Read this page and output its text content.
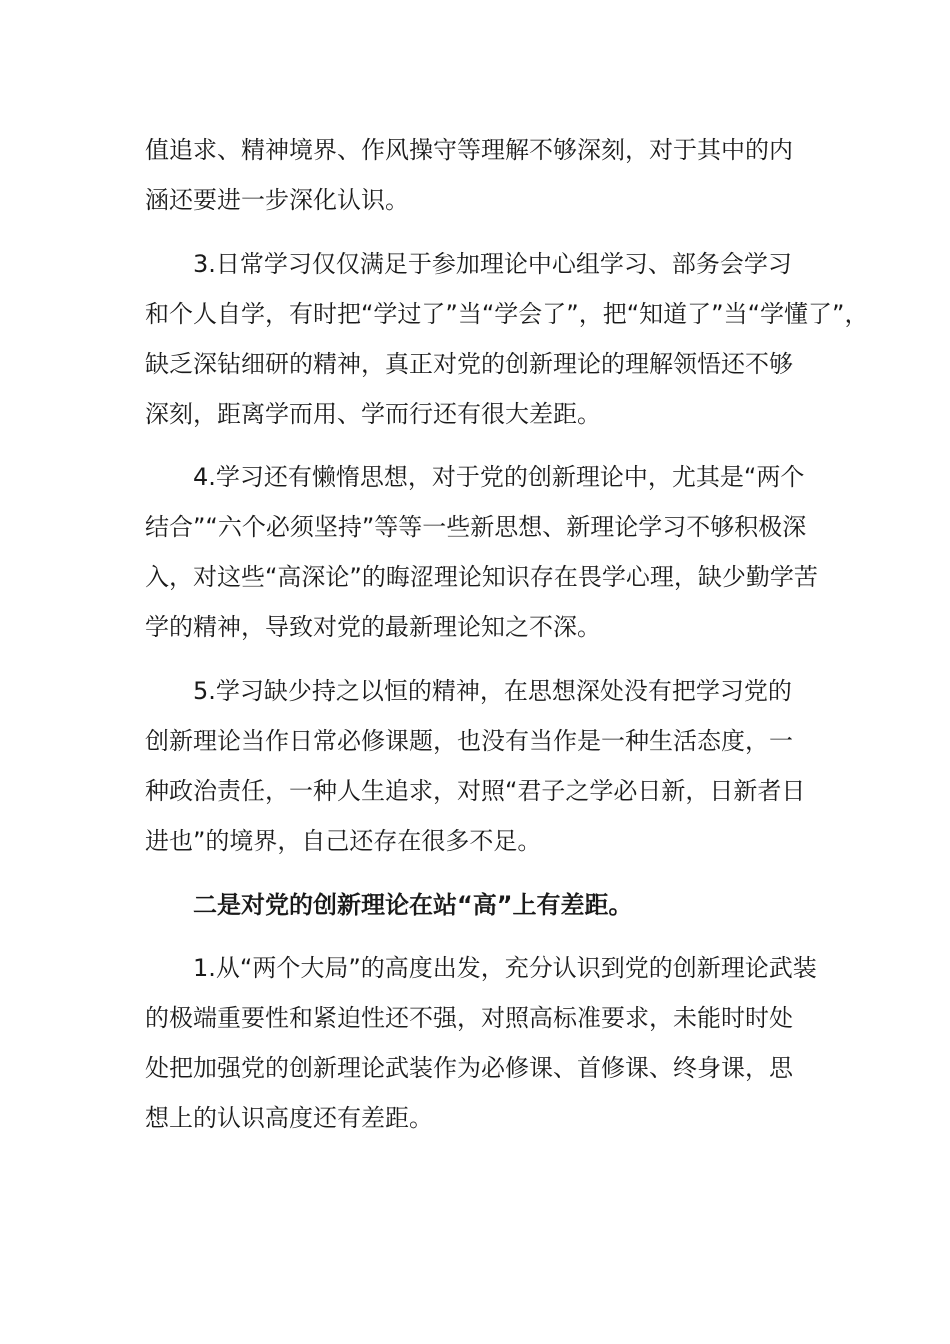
值追求、精神境界、作风操守等理解不够深刻，对于其中的内
涵还要进一步深化认识。
3.日常学习仅仅满足于参加理论中心组学习、部务会学习
和个人自学，有时把“学过了”当“学会了”，把“知道了”当“学懂了”，
缺乏深钻细研的精神，真正对党的创新理论的理解领悟还不够
深刻，距离学而用、学而行还有很大差距。
4.学习还有懒惰思想，对于党的创新理论中，尤其是“两个
结合”“六个必须坚持”等等一些新思想、新理论学习不够积极深
入，对这些“高深论”的晦涩理论知识存在畏学心理，缺少勤学苦
学的精神，导致对党的最新理论知之不深。
5.学习缺少持之以恒的精神，在思想深处没有把学习党的
创新理论当作日常必修课题，也没有当作是一种生活态度，一
种政治责任，一种人生追求，对照“君子之学必日新，日新者日
进也”的境界，自己还存在很多不足。
二是对党的创新理论在站“高”上有差距。
1.从“两个大局”的高度出发，充分认识到党的创新理论武装
的极端重要性和紧迫性还不强，对照高标准要求，未能时时处
处把加强党的创新理论武装作为必修课、首修课、终身课，思
想上的认识高度还有差距。
